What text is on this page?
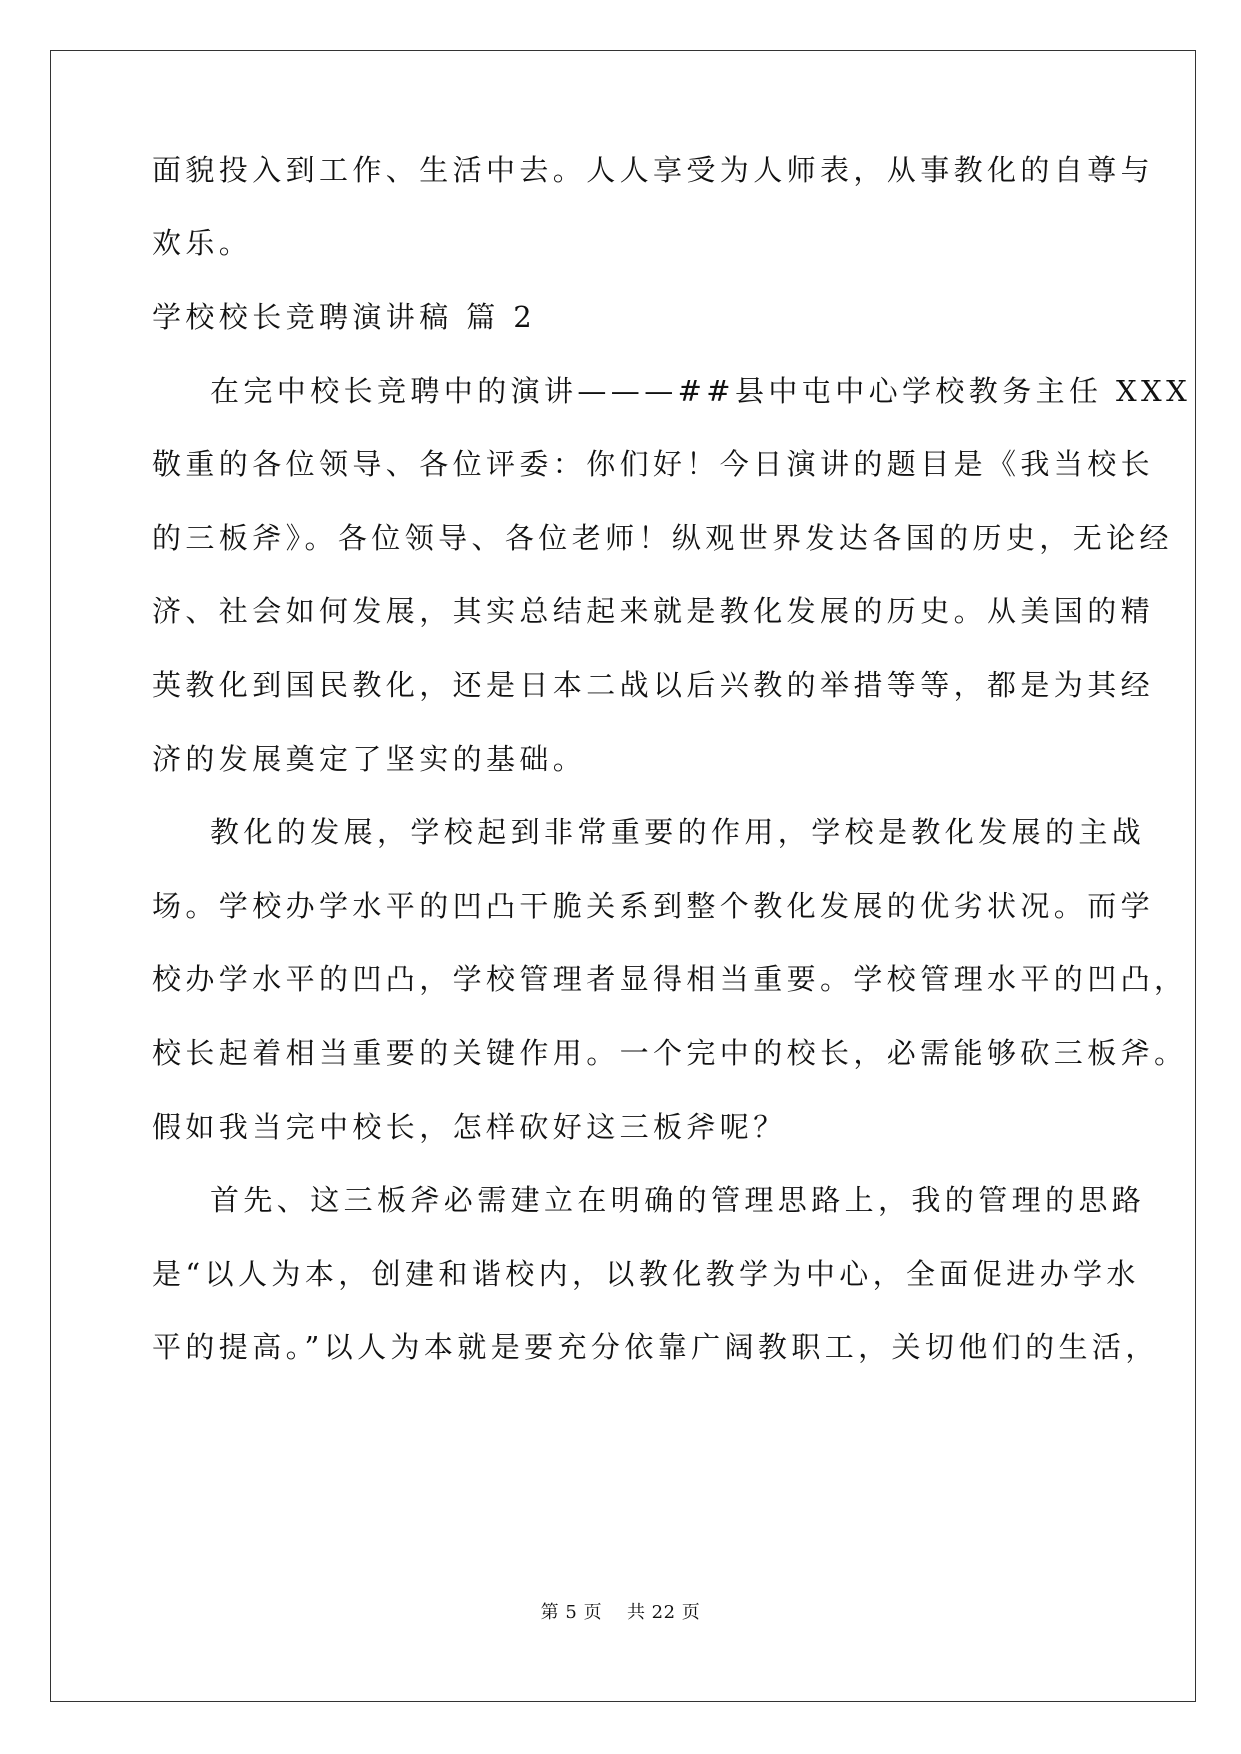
面貌投入到工作、生活中去。人人享受为人师表，从事教化的自尊与
欢乐。
学校校长竞聘演讲稿 篇 2
在完中校长竞聘中的演讲———##县中屯中心学校教务主任 XXX
敬重的各位领导、各位评委：你们好！今日演讲的题目是《我当校长
的三板斧》。各位领导、各位老师！纵观世界发达各国的历史，无论经
济、社会如何发展，其实总结起来就是教化发展的历史。从美国的精
英教化到国民教化，还是日本二战以后兴教的举措等等，都是为其经
济的发展奠定了坚实的基础。
教化的发展，学校起到非常重要的作用，学校是教化发展的主战
场。学校办学水平的凹凸干脆关系到整个教化发展的优劣状况。而学
校办学水平的凹凸，学校管理者显得相当重要。学校管理水平的凹凸，
校长起着相当重要的关键作用。一个完中的校长，必需能够砍三板斧。
假如我当完中校长，怎样砍好这三板斧呢？
首先、这三板斧必需建立在明确的管理思路上，我的管理的思路
是“以人为本，创建和谐校内，以教化教学为中心，全面促进办学水
平的提高。”以人为本就是要充分依靠广阔教职工，关切他们的生活，
第 5 页    共 22 页
